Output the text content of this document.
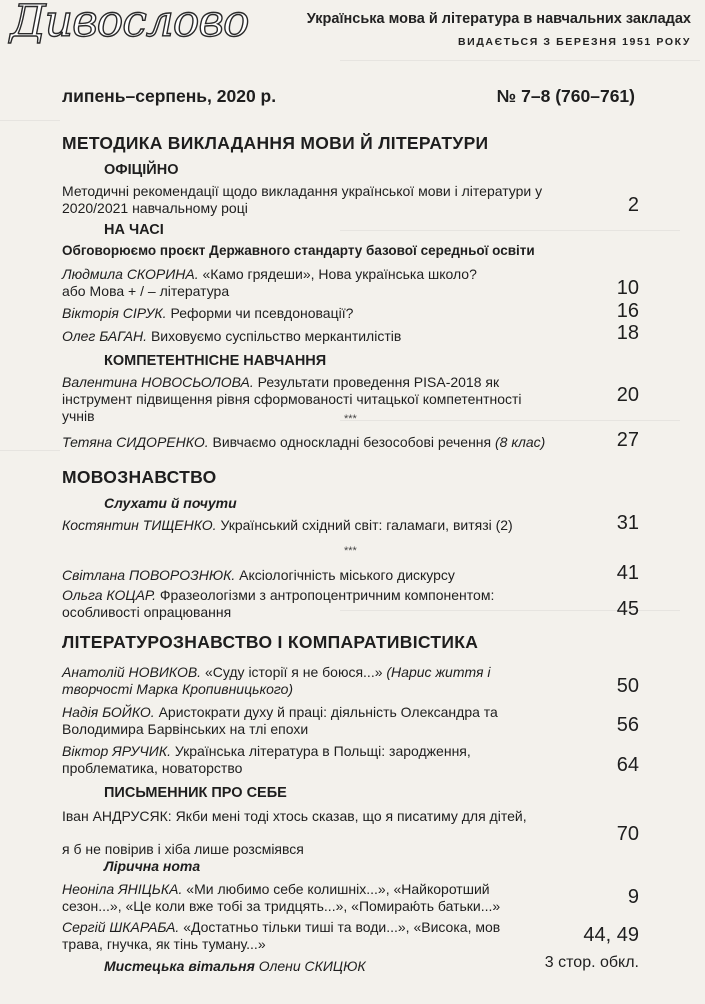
Дивослово	Українська мова й література в навчальних закладах
ВИДАЄТЬСЯ З БЕРЕЗНЯ 1951 РОКУ
липень–серпень, 2020 р.	№ 7–8 (760–761)
МЕТОДИКА ВИКЛАДАННЯ МОВИ Й ЛІТЕРАТУРИ
ОФІЦІЙНО
Методичні рекомендації щодо викладання української мови і літератури у 2020/2021 навчальному році	2
НА ЧАСІ
Обговорюємо проєкт Державного стандарту базової середньої освіти
Людмила СКОРИНА. «Камо грядеши», Нова українська школо?
або Мова + / – література	10
Вікторія СІРУК. Реформи чи псевдоновації?	16
Олег БАГАН. Виховуємо суспільство меркантилістів	18
КОМПЕТЕНТНІСНЕ НАВЧАННЯ
Валентина НОВОСЬОЛОВА. Результати проведення PISA-2018 як інструмент підвищення рівня сформованості читацької компетентності учнів
20
***
Тетяна СИДОРЕНКО. Вивчаємо односкладні безособові речення (8 клас)	27
МОВОЗНАВСТВО
Слухати й почути
Костянтин ТИЩЕНКО. Український східний світ: галамаги, витязі (2)	31
***
Світлана ПОВОРОЗНЮК. Аксіологічність міського дискурсу	41
Ольга КОЦАР. Фразеологізми з антропоцентричним компонентом: особливості опрацювання	45
ЛІТЕРАТУРОЗНАВСТВО І КОМПАРАТИВІСТИКА
Анатолій НОВИКОВ. «Суду історії я не боюся...» (Нарис життя і творчості Марка Кропивницького)	50
Надія БОЙКО. Аристократи духу й праці: діяльність Олександра та Володимира Барвінських на тлі епохи	56
Віктор ЯРУЧИК. Українська література в Польщі: зародження, проблематика, новаторство	64
ПИСЬМЕННИК ПРО СЕБЕ
Іван АНДРУСЯК: Якби мені тоді хтось сказав, що я писатиму для дітей,
я б не повірив і хіба лише розсміявся
70
Лірична нота
Неоніла ЯНІЦЬКА. «Ми любимо себе колишніх...», «Найкоротший сезон...», «Це коли вже тобі за тридцять...», «Помираю́ть батьки...»	9
Сергій ШКАРАБА. «Достатньо тільки тиші та води...», «Висока, мов трава, гнучка, як тінь туману...»	44, 49
Мистецька вітальня Олени СКИЦЮК	3 стор. обкл.
